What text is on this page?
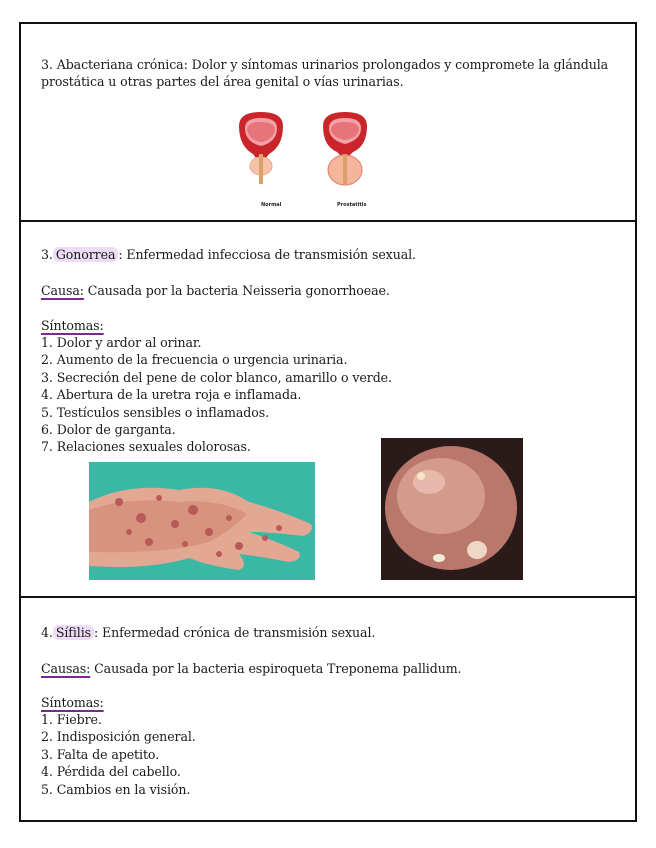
3. Abacteriana crónica: Dolor y síntomas urinarios prolongados y compromete la glándula prostática u otras partes del área genital o vías urinarias.
Normal	Prostatitis
3. Gonorrea : Enfermedad infecciosa de transmisión sexual.
Causa: Causada por la bacteria Neisseria gonorrhoeae.
Síntomas:
1. Dolor y ardor al orinar.
2. Aumento de la frecuencia o urgencia urinaria.
3. Secreción del pene de color blanco, amarillo o verde.
4. Abertura de la uretra roja e inflamada.
5. Testículos sensibles o inflamados.
6. Dolor de garganta.
7. Relaciones sexuales dolorosas.
4. Sífilis : Enfermedad crónica de transmisión sexual.
Causas: Causada por la bacteria espiroqueta Treponema pallidum.
Síntomas:
1. Fiebre.
2. Indisposición general.
3. Falta de apetito.
4. Pérdida del cabello.
5. Cambios en la visión.
